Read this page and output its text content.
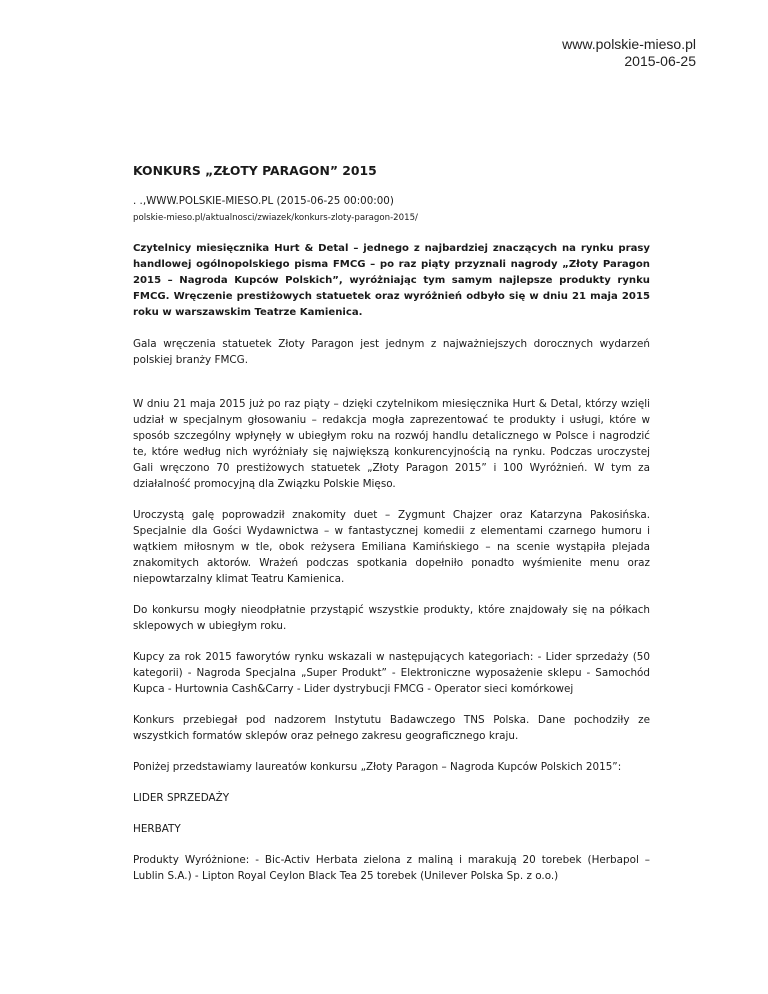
www.polskie-mieso.pl
2015-06-25
KONKURS „ZŁOTY PARAGON” 2015
. .,WWW.POLSKIE-MIESO.PL (2015-06-25 00:00:00)
polskie-mieso.pl/aktualnosci/zwiazek/konkurs-zloty-paragon-2015/
Czytelnicy miesięcznika Hurt & Detal – jednego z najbardziej znaczących na rynku prasy handlowej ogólnopolskiego pisma FMCG – po raz piąty przyznali nagrody „Złoty Paragon 2015 – Nagroda Kupców Polskich”, wyróżniając tym samym najlepsze produkty rynku FMCG. Wręczenie prestiżowych statuetek oraz wyróżnień odbyło się w dniu 21 maja 2015 roku w warszawskim Teatrze Kamienica.
Gala wręczenia statuetek Złoty Paragon jest jednym z najważniejszych dorocznych wydarzeń polskiej branży FMCG.
W dniu 21 maja 2015 już po raz piąty – dzięki czytelnikom miesięcznika Hurt & Detal, którzy wzięli udział w specjalnym głosowaniu – redakcja mogła zaprezentować te produkty i usługi, które w sposób szczególny wpłynęły w ubiegłym roku na rozwój handlu detalicznego w Polsce i nagrodzić te, które według nich wyróżniały się największą konkurencyjnością na rynku. Podczas uroczystej Gali wręczono 70 prestiżowych statuetek „Złoty Paragon 2015” i 100 Wyróżnień. W tym za działalność promocyjną dla Związku Polskie Mięso.
Uroczystą galę poprowadził znakomity duet – Zygmunt Chajzer oraz Katarzyna Pakosińska. Specjalnie dla Gości Wydawnictwa – w fantastycznej komedii z elementami czarnego humoru i wątkiem miłosnym w tle, obok reżysera Emiliana Kamińskiego – na scenie wystąpiła plejada znakomitych aktorów. Wrażeń podczas spotkania dopełniło ponadto wyśmienite menu oraz niepowtarzalny klimat Teatru Kamienica.
Do konkursu mogły nieodpłatnie przystąpić wszystkie produkty, które znajdowały się na półkach sklepowych w ubiegłym roku.
Kupcy za rok 2015 faworytów rynku wskazali w następujących kategoriach: - Lider sprzedaży (50 kategorii) - Nagroda Specjalna „Super Produkt” - Elektroniczne wyposażenie sklepu - Samochód Kupca - Hurtownia Cash&Carry - Lider dystrybucji FMCG - Operator sieci komórkowej
Konkurs przebiegał pod nadzorem Instytutu Badawczego TNS Polska. Dane pochodziły ze wszystkich formatów sklepów oraz pełnego zakresu geograficznego kraju.
Poniżej przedstawiamy laureatów konkursu „Złoty Paragon – Nagroda Kupców Polskich 2015”:
LIDER SPRZEDAŻY
HERBATY
Produkty Wyróżnione: - Bic-Activ Herbata zielona z maliną i marakują 20 torebek (Herbapol – Lublin S.A.) - Lipton Royal Ceylon Black Tea 25 torebek (Unilever Polska Sp. z o.o.)
